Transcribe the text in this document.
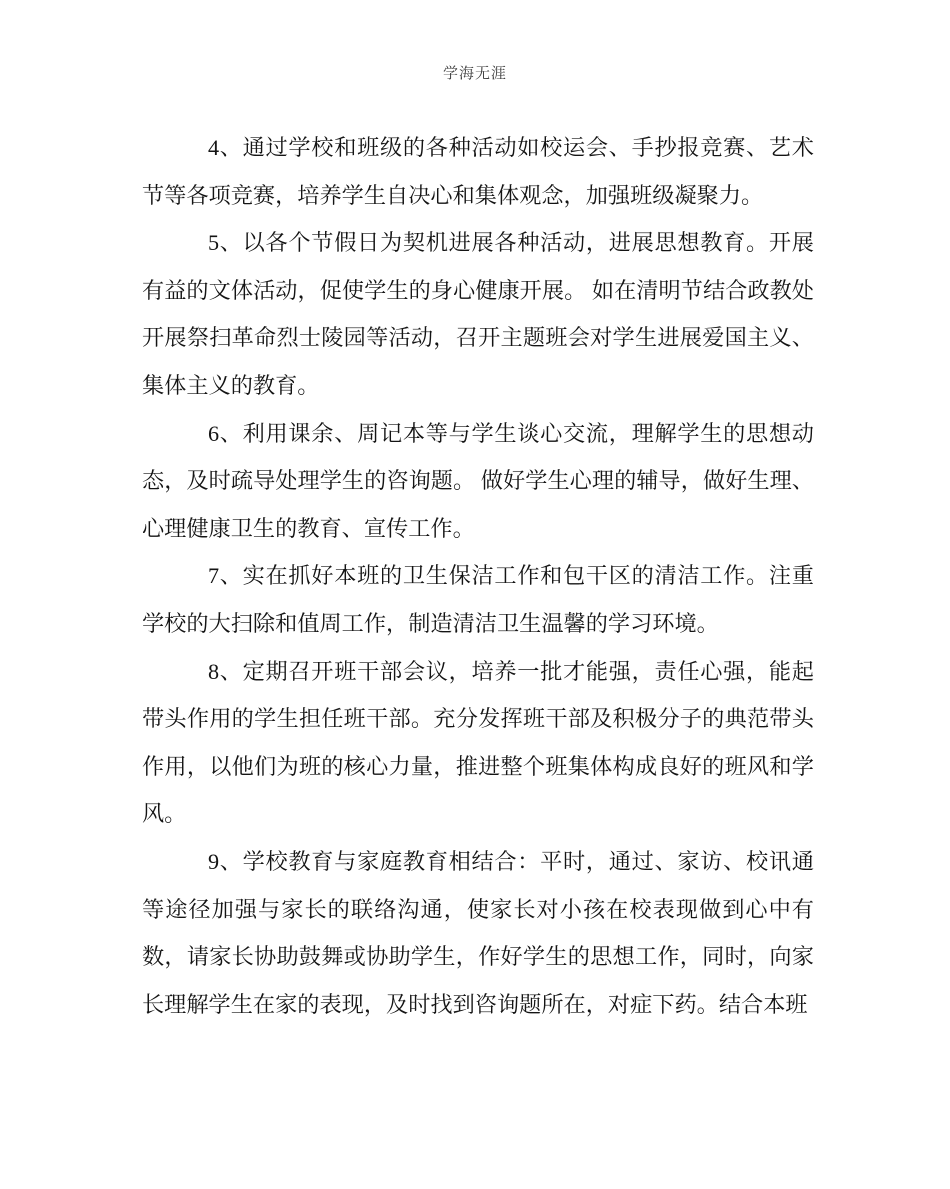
学海无涯

4、通过学校和班级的各种活动如校运会、手抄报竞赛、艺术节等各项竞赛，培养学生自决心和集体观念，加强班级凝聚力。

5、以各个节假日为契机进展各种活动，进展思想教育。开展有益的文体活动，促使学生的身心健康开展。 如在清明节结合政教处开展祭扫革命烈士陵园等活动，召开主题班会对学生进展爱国主义、集体主义的教育。

6、利用课余、周记本等与学生谈心交流，理解学生的思想动态，及时疏导处理学生的咨询题。 做好学生心理的辅导，做好生理、心理健康卫生的教育、宣传工作。

7、实在抓好本班的卫生保洁工作和包干区的清洁工作。注重学校的大扫除和值周工作，制造清洁卫生温馨的学习环境。

8、定期召开班干部会议，培养一批才能强，责任心强，能起带头作用的学生担任班干部。充分发挥班干部及积极分子的典范带头作用，以他们为班的核心力量，推进整个班集体构成良好的班风和学风。

9、学校教育与家庭教育相结合：平时，通过、家访、校讯通等途径加强与家长的联络沟通，使家长对小孩在校表现做到心中有数，请家长协助鼓舞或协助学生，作好学生的思想工作，同时，向家长理解学生在家的表现，及时找到咨询题所在，对症下药。结合本班
